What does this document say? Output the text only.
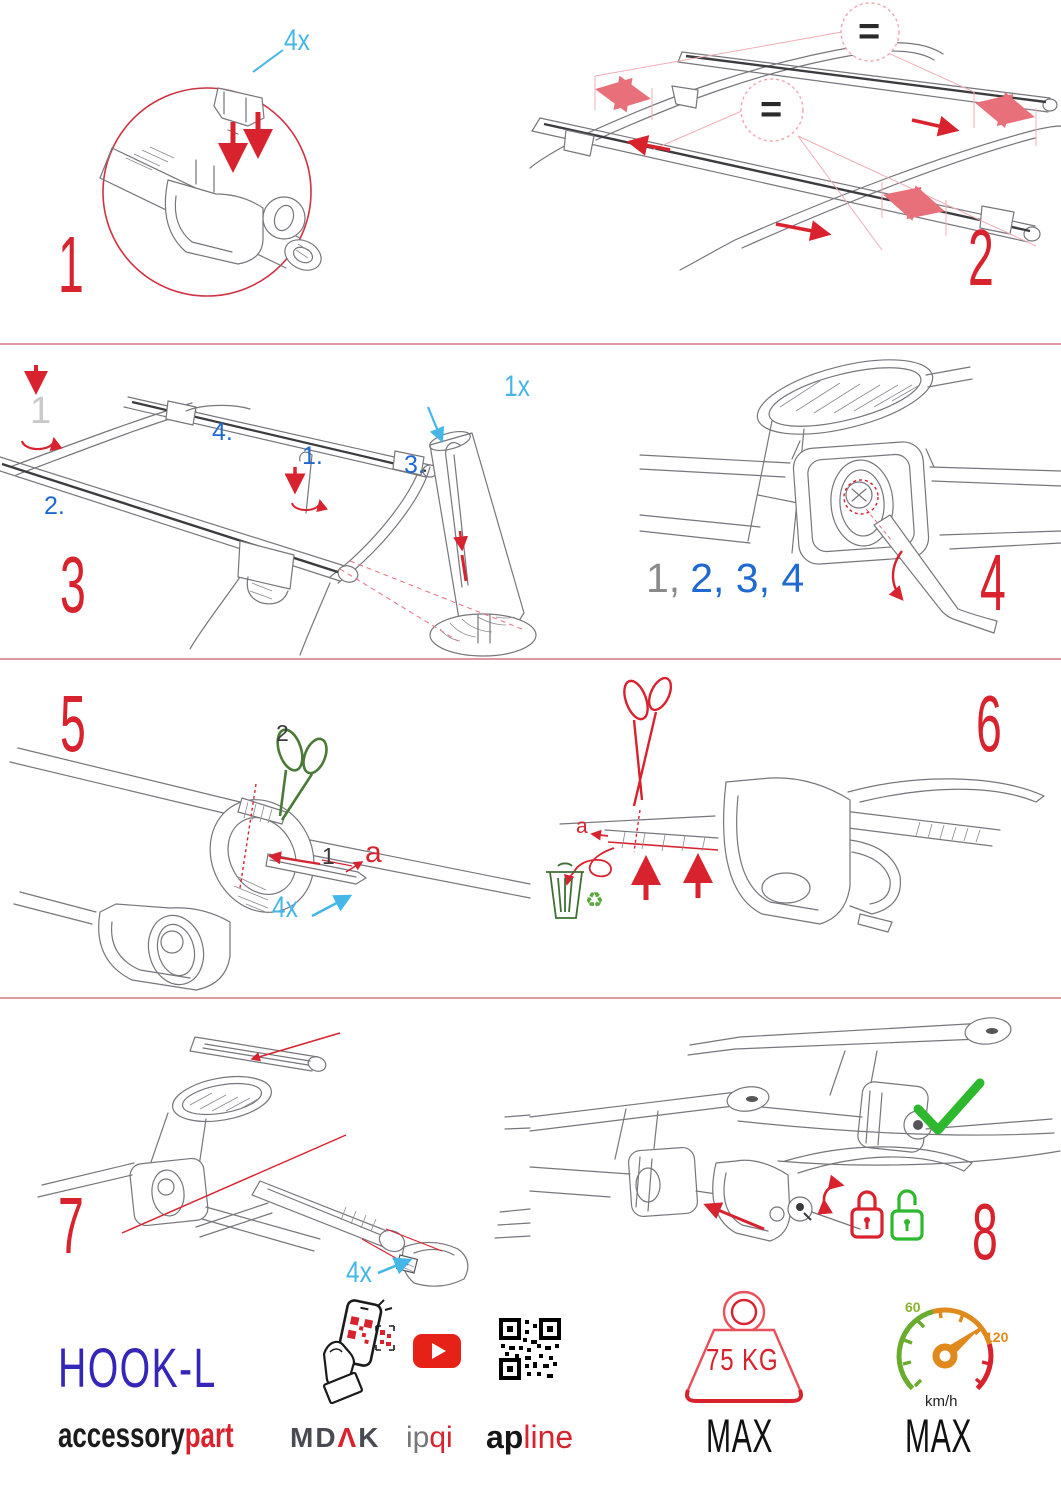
4x
1
=
=
2
1
2.
4.
1.	3.
1x
3	1, 2, 3, 4 4
5	2
1 a
4x
a
♻
6
7
4x	8
HOOK-L
accessorypart MDΛK ipqi apline
75 KG
MAX
60
120
km/h
MAX
